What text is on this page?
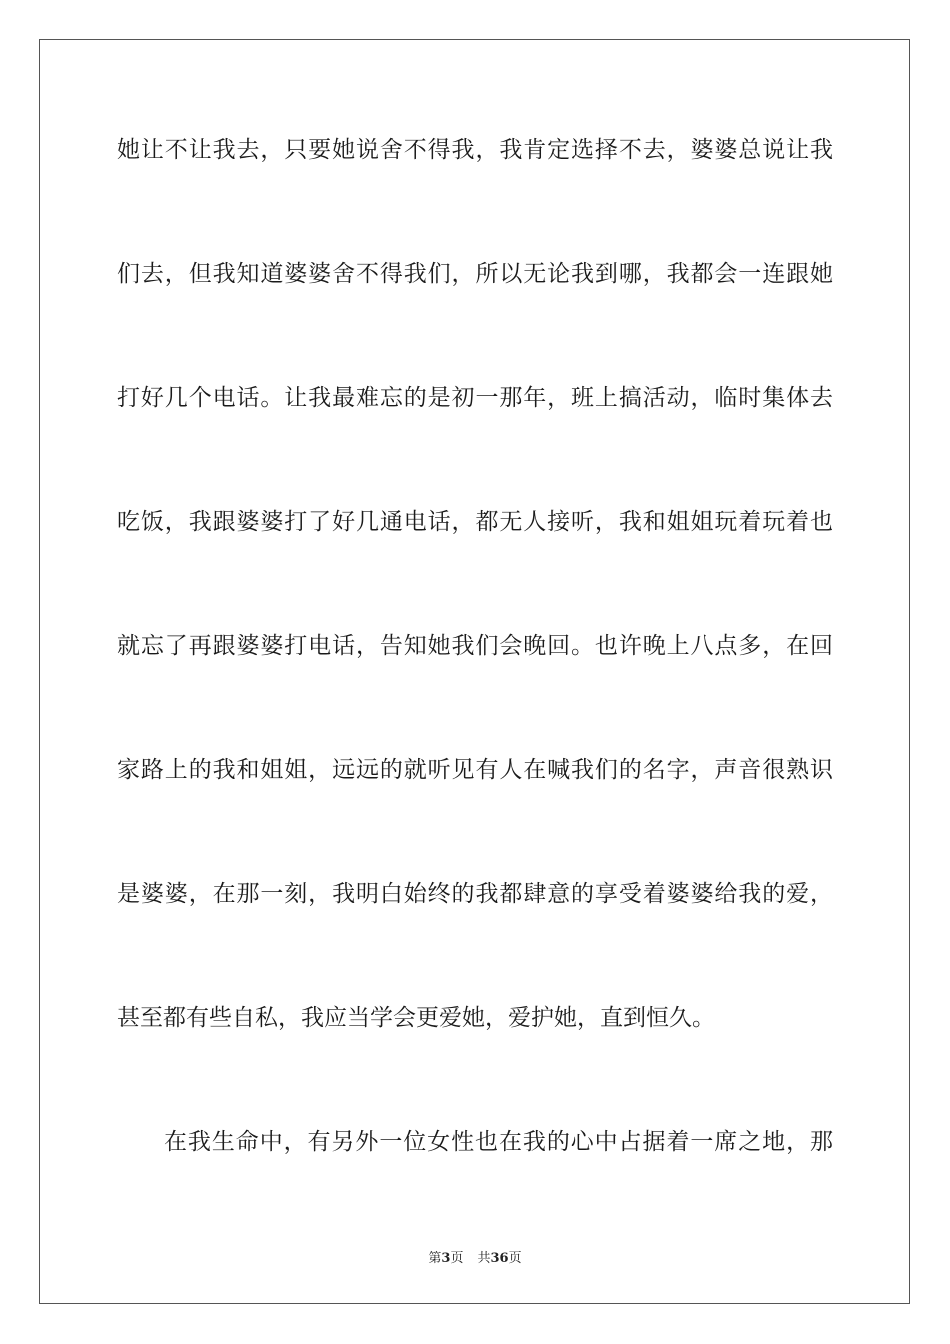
她让不让我去，只要她说舍不得我，我肯定选择不去，婆婆总说让我
们去，但我知道婆婆舍不得我们，所以无论我到哪，我都会一连跟她
打好几个电话。让我最难忘的是初一那年，班上搞活动，临时集体去
吃饭，我跟婆婆打了好几通电话，都无人接听，我和姐姐玩着玩着也
就忘了再跟婆婆打电话，告知她我们会晚回。也许晚上八点多，在回
家路上的我和姐姐，远远的就听见有人在喊我们的名字，声音很熟识
是婆婆，在那一刻，我明白始终的我都肆意的享受着婆婆给我的爱，
甚至都有些自私，我应当学会更爱她，爱护她，直到恒久。
在我生命中，有另外一位女性也在我的心中占据着一席之地，那
第3页 共36页
